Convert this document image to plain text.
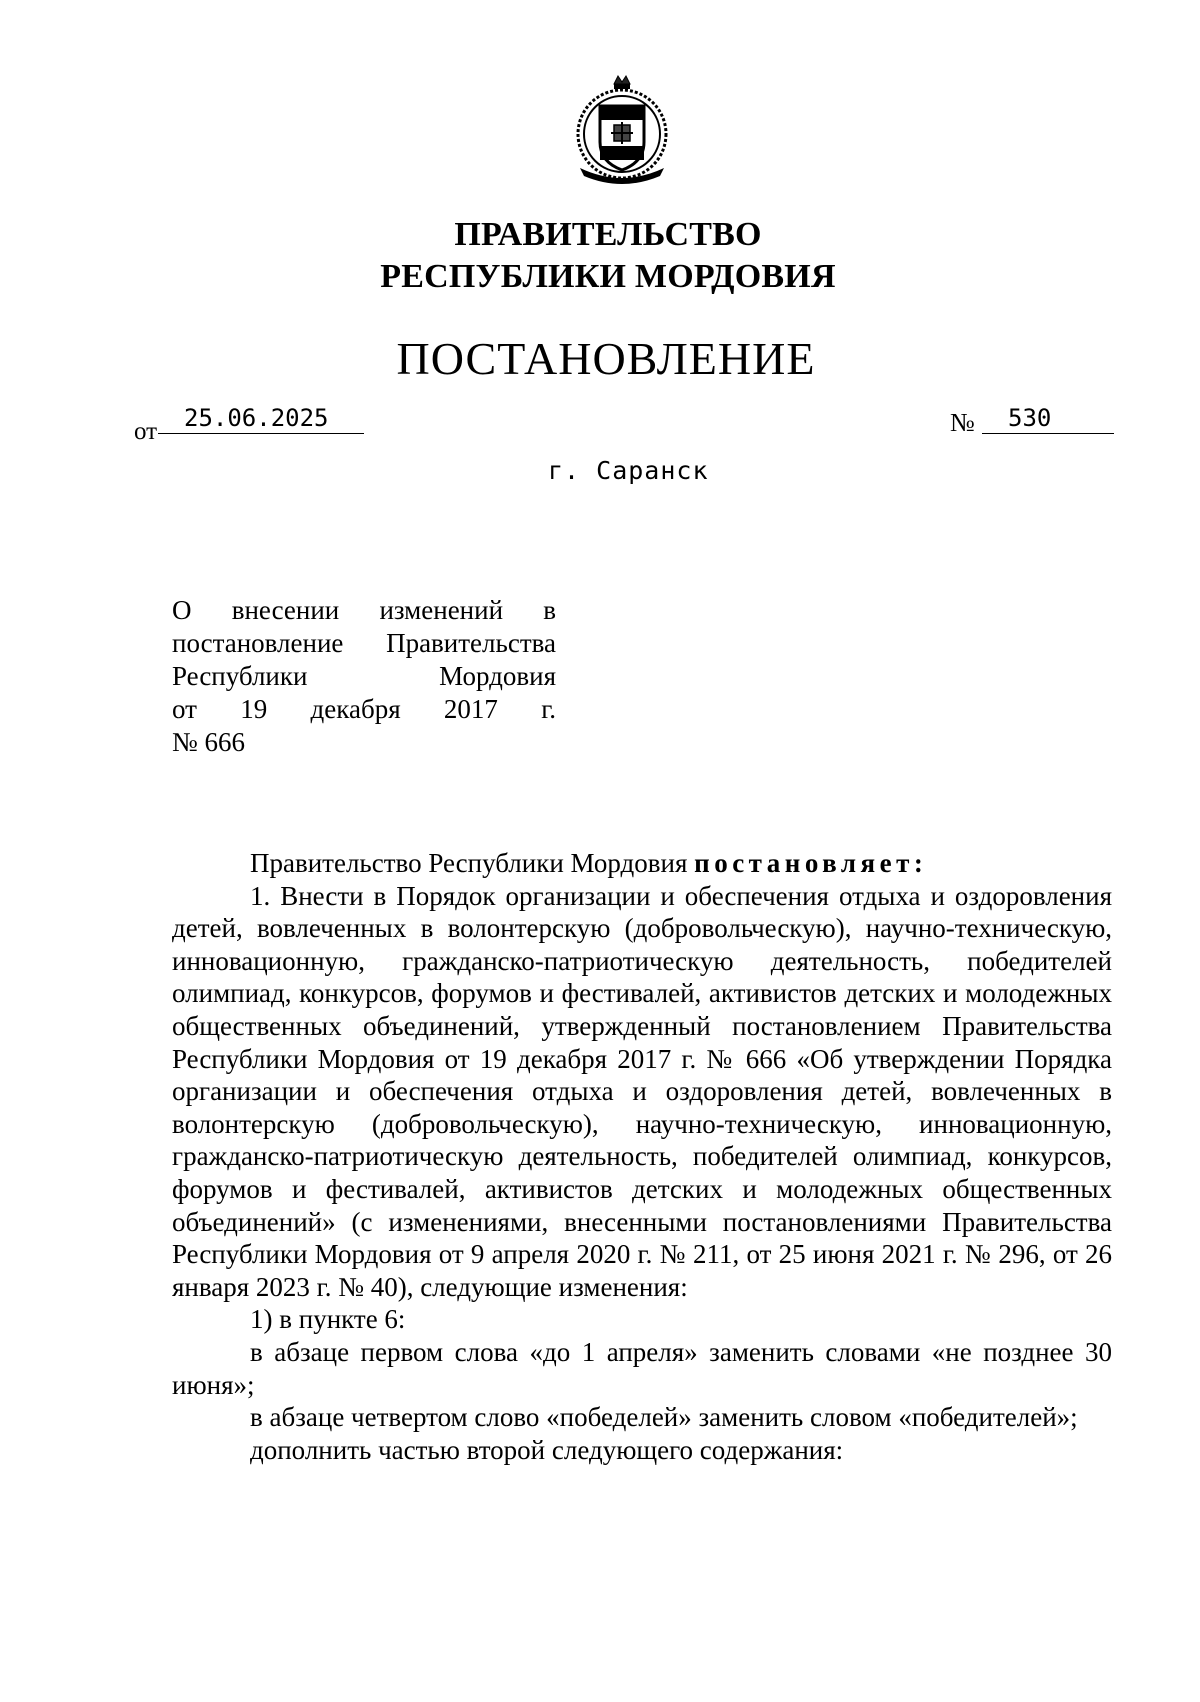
ПРАВИТЕЛЬСТВО
РЕСПУБЛИКИ МОРДОВИЯ
ПОСТАНОВЛЕНИЕ
от	25.06.2025	№	530
г. Саранск
О внесении изменений в
постановление Правительства
Республики	Мордовия
от 19 декабря 2017 г.
№ 666

Правительство Республики Мордовия постановляет:

1. Внести в Порядок организации и обеспечения отдыха и оздоровления детей, вовлеченных в волонтерскую (добровольческую), научно-техническую, инновационную, гражданско-патриотическую деятельность, победителей олимпиад, конкурсов, форумов и фестивалей, активистов детских и молодежных общественных объединений, утвержденный постановлением Правительства Республики Мордовия от 19 декабря 2017 г. № 666 «Об утверждении Порядка организации и обеспечения отдыха и оздоровления детей, вовлеченных в волонтерскую (добровольческую), научно-техническую, инновационную, гражданско-патриотическую деятельность, победителей олимпиад, конкурсов, форумов и фестивалей, активистов детских и молодежных общественных объединений» (с изменениями, внесенными постановлениями Правительства Республики Мордовия от 9 апреля 2020 г. № 211, от 25 июня 2021 г. № 296, от 26 января 2023 г. № 40), следующие изменения:

1) в пункте 6:

в абзаце первом слова «до 1 апреля» заменить словами «не позднее 30 июня»;

в абзаце четвертом слово «победелей» заменить словом «победителей»;

дополнить частью второй следующего содержания:
